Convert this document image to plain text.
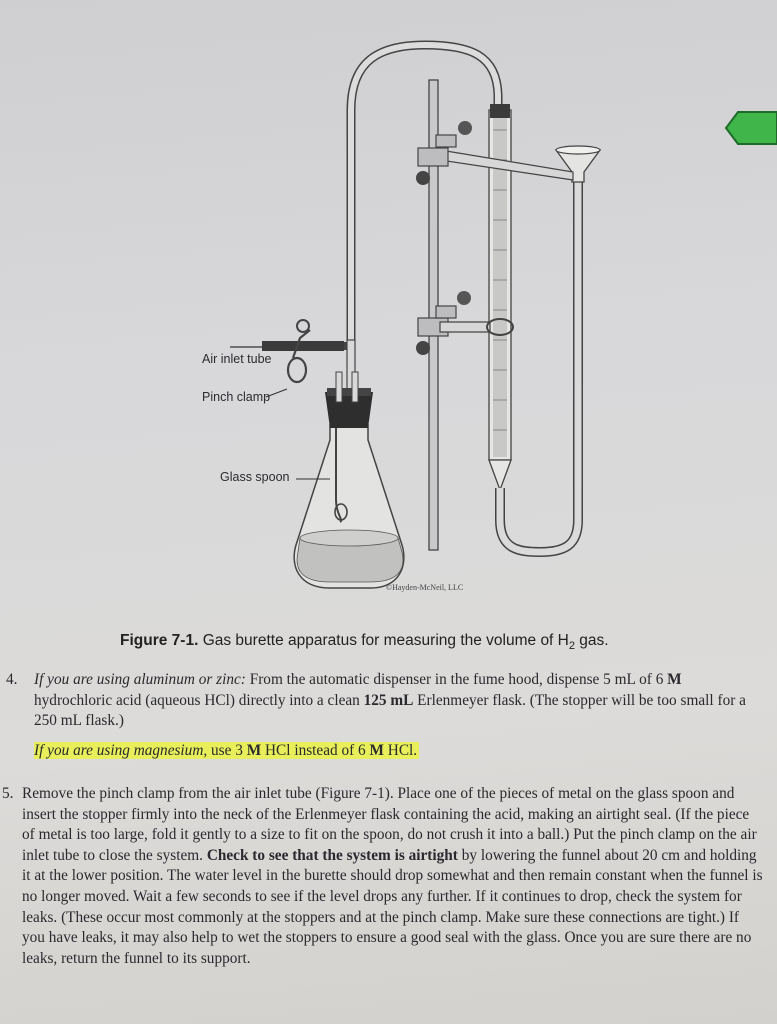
Air inlet tube
Pinch clamp
Glass spoon
©Hayden-McNeil, LLC
Figure 7-1. Gas burette apparatus for measuring the volume of $H_2$ gas.
4. If you are using aluminum or zinc: From the automatic dispenser in the fume hood, dispense 5 mL of 6 M hydrochloric acid (aqueous HCl) directly into a clean 125 mL Erlenmeyer flask. (The stopper will be too small for a 250 mL flask.)
If you are using magnesium, use 3 M HCl instead of 6 M HCl.
5. Remove the pinch clamp from the air inlet tube (Figure 7-1). Place one of the pieces of metal on the glass spoon and insert the stopper firmly into the neck of the Erlenmeyer flask containing the acid, making an airtight seal. (If the piece of metal is too large, fold it gently to a size to fit on the spoon, do not crush it into a ball.) Put the pinch clamp on the air inlet tube to close the system. Check to see that the system is airtight by lowering the funnel about 20 cm and holding it at the lower position. The water level in the burette should drop somewhat and then remain constant when the funnel is no longer moved. Wait a few seconds to see if the level drops any further. If it continues to drop, check the system for leaks. (These occur most commonly at the stoppers and at the pinch clamp. Make sure these connections are tight.) If you have leaks, it may also help to wet the stoppers to ensure a good seal with the glass. Once you are sure there are no leaks, return the funnel to its support.
